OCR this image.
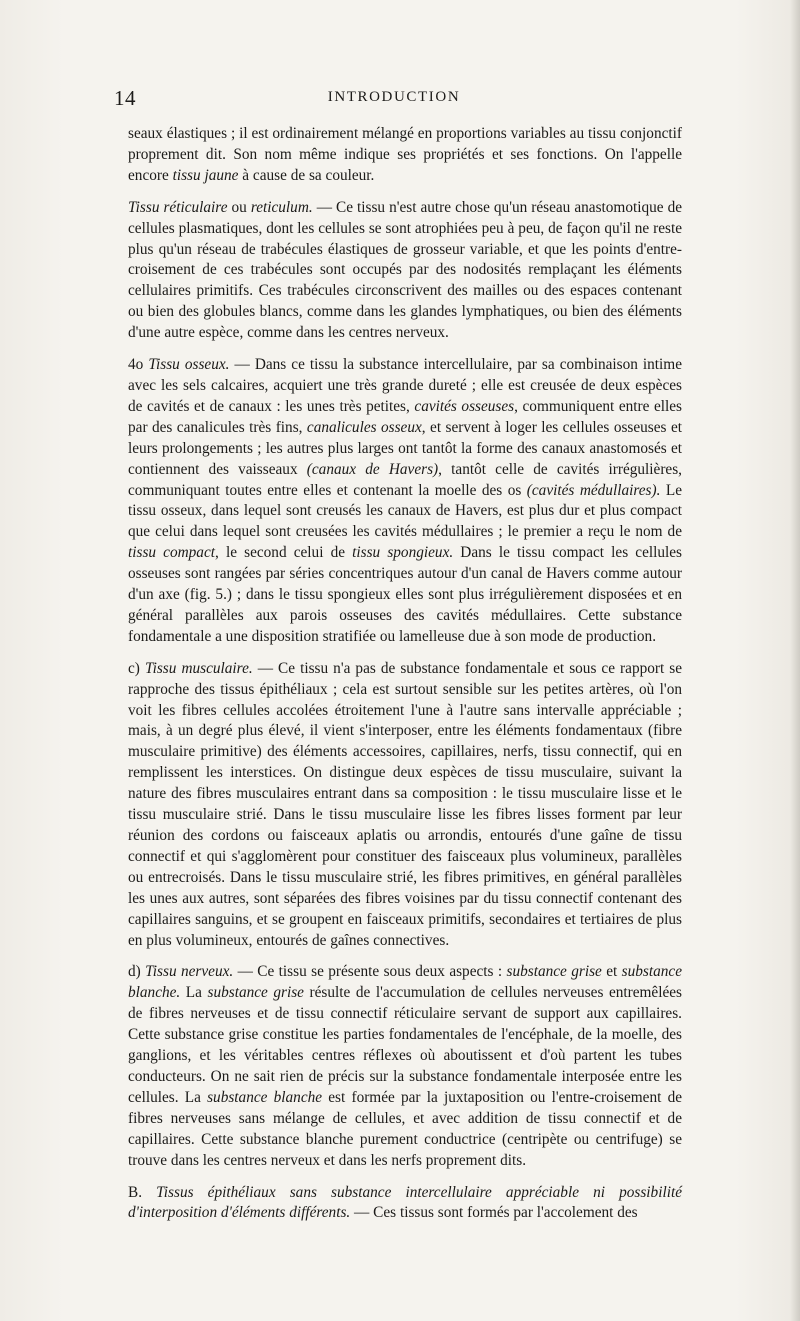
14	INTRODUCTION

seaux élastiques ; il est ordinairement mélangé en proportions variables au tissu conjonctif proprement dit. Son nom même indique ses propriétés et ses fonctions. On l'appelle encore tissu jaune à cause de sa couleur.

Tissu réticulaire ou reticulum. — Ce tissu n'est autre chose qu'un réseau anastomotique de cellules plasmatiques, dont les cellules se sont atrophiées peu à peu, de façon qu'il ne reste plus qu'un réseau de trabécules élastiques de grosseur variable, et que les points d'entre-croisement de ces trabécules sont occupés par des nodosités remplaçant les éléments cellulaires primitifs. Ces trabécules circonscrivent des mailles ou des espaces contenant ou bien des globules blancs, comme dans les glandes lymphatiques, ou bien des éléments d'une autre espèce, comme dans les centres nerveux.

4o Tissu osseux. — Dans ce tissu la substance intercellulaire, par sa combinaison intime avec les sels calcaires, acquiert une très grande dureté ; elle est creusée de deux espèces de cavités et de canaux : les unes très petites, cavités osseuses, communiquent entre elles par des canalicules très fins, canalicules osseux, et servent à loger les cellules osseuses et leurs prolongements ; les autres plus larges ont tantôt la forme des canaux anastomosés et contiennent des vaisseaux (canaux de Havers), tantôt celle de cavités irrégulières, communiquant toutes entre elles et contenant la moelle des os (cavités médullaires). Le tissu osseux, dans lequel sont creusés les canaux de Havers, est plus dur et plus compact que celui dans lequel sont creusées les cavités médullaires ; le premier a reçu le nom de tissu compact, le second celui de tissu spongieux. Dans le tissu compact les cellules osseuses sont rangées par séries concentriques autour d'un canal de Havers comme autour d'un axe (fig. 5.) ; dans le tissu spongieux elles sont plus irrégulièrement disposées et en général parallèles aux parois osseuses des cavités médullaires. Cette substance fondamentale a une disposition stratifiée ou lamelleuse due à son mode de production.

c) Tissu musculaire. — Ce tissu n'a pas de substance fondamentale et sous ce rapport se rapproche des tissus épithéliaux ; cela est surtout sensible sur les petites artères, où l'on voit les fibres cellules accolées étroitement l'une à l'autre sans intervalle appréciable ; mais, à un degré plus élevé, il vient s'interposer, entre les éléments fondamentaux (fibre musculaire primitive) des éléments accessoires, capillaires, nerfs, tissu connectif, qui en remplissent les interstices. On distingue deux espèces de tissu musculaire, suivant la nature des fibres musculaires entrant dans sa composition : le tissu musculaire lisse et le tissu musculaire strié. Dans le tissu musculaire lisse les fibres lisses forment par leur réunion des cordons ou faisceaux aplatis ou arrondis, entourés d'une gaîne de tissu connectif et qui s'agglomèrent pour constituer des faisceaux plus volumineux, parallèles ou entrecroisés. Dans le tissu musculaire strié, les fibres primitives, en général parallèles les unes aux autres, sont séparées des fibres voisines par du tissu connectif contenant des capillaires sanguins, et se groupent en faisceaux primitifs, secondaires et tertiaires de plus en plus volumineux, entourés de gaînes connectives.

d) Tissu nerveux. — Ce tissu se présente sous deux aspects : substance grise et substance blanche. La substance grise résulte de l'accumulation de cellules nerveuses entremêlées de fibres nerveuses et de tissu connectif réticulaire servant de support aux capillaires. Cette substance grise constitue les parties fondamentales de l'encéphale, de la moelle, des ganglions, et les véritables centres réflexes où aboutissent et d'où partent les tubes conducteurs. On ne sait rien de précis sur la substance fondamentale interposée entre les cellules. La substance blanche est formée par la juxtaposition ou l'entre-croisement de fibres nerveuses sans mélange de cellules, et avec addition de tissu connectif et de capillaires. Cette substance blanche purement conductrice (centripète ou centrifuge) se trouve dans les centres nerveux et dans les nerfs proprement dits.

B. Tissus épithéliaux sans substance intercellulaire appréciable ni possibilité d'interposition d'éléments différents. — Ces tissus sont formés par l'accolement des
